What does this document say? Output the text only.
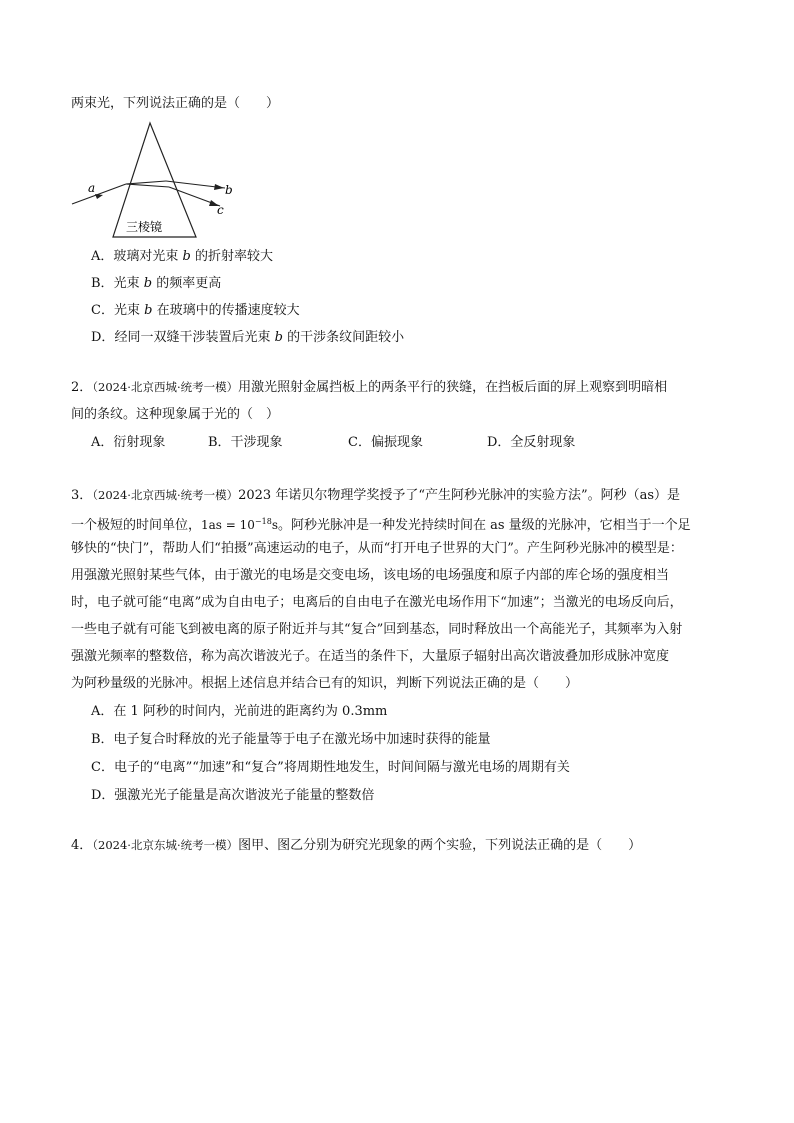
两束光，下列说法正确的是（　　）
a	b
c
三棱镜
A．玻璃对光束 b 的折射率较大
B．光束 b 的频率更高
C．光束 b 在玻璃中的传播速度较大
D．经同一双缝干涉装置后光束 b 的干涉条纹间距较小
2．（2024·北京西城·统考一模）用激光照射金属挡板上的两条平行的狭缝，在挡板后面的屏上观察到明暗相
间的条纹。这种现象属于光的（　）
A．衍射现象	B．干涉现象	C．偏振现象	D．全反射现象
3．（2024·北京西城·统考一模）2023 年诺贝尔物理学奖授予了“产生阿秒光脉冲的实验方法”。阿秒（as）是
一个极短的时间单位，$1as = 10^{-18}s$。阿秒光脉冲是一种发光持续时间在 as 量级的光脉冲，它相当于一个足
够快的“快门”，帮助人们“拍摄”高速运动的电子，从而“打开电子世界的大门”。产生阿秒光脉冲的模型是：
用强激光照射某些气体，由于激光的电场是交变电场，该电场的电场强度和原子内部的库仑场的强度相当
时，电子就可能“电离”成为自由电子；电离后的自由电子在激光电场作用下“加速”；当激光的电场反向后，
一些电子就有可能飞到被电离的原子附近并与其“复合”回到基态，同时释放出一个高能光子，其频率为入射
强激光频率的整数倍，称为高次谐波光子。在适当的条件下，大量原子辐射出高次谐波叠加形成脉冲宽度
为阿秒量级的光脉冲。根据上述信息并结合已有的知识，判断下列说法正确的是（　　）
A．在 1 阿秒的时间内，光前进的距离约为 0.3mm
B．电子复合时释放的光子能量等于电子在激光场中加速时获得的能量
C．电子的“电离”“加速”和“复合”将周期性地发生，时间间隔与激光电场的周期有关
D．强激光光子能量是高次谐波光子能量的整数倍
4．（2024·北京东城·统考一模）图甲、图乙分别为研究光现象的两个实验，下列说法正确的是（　　）
